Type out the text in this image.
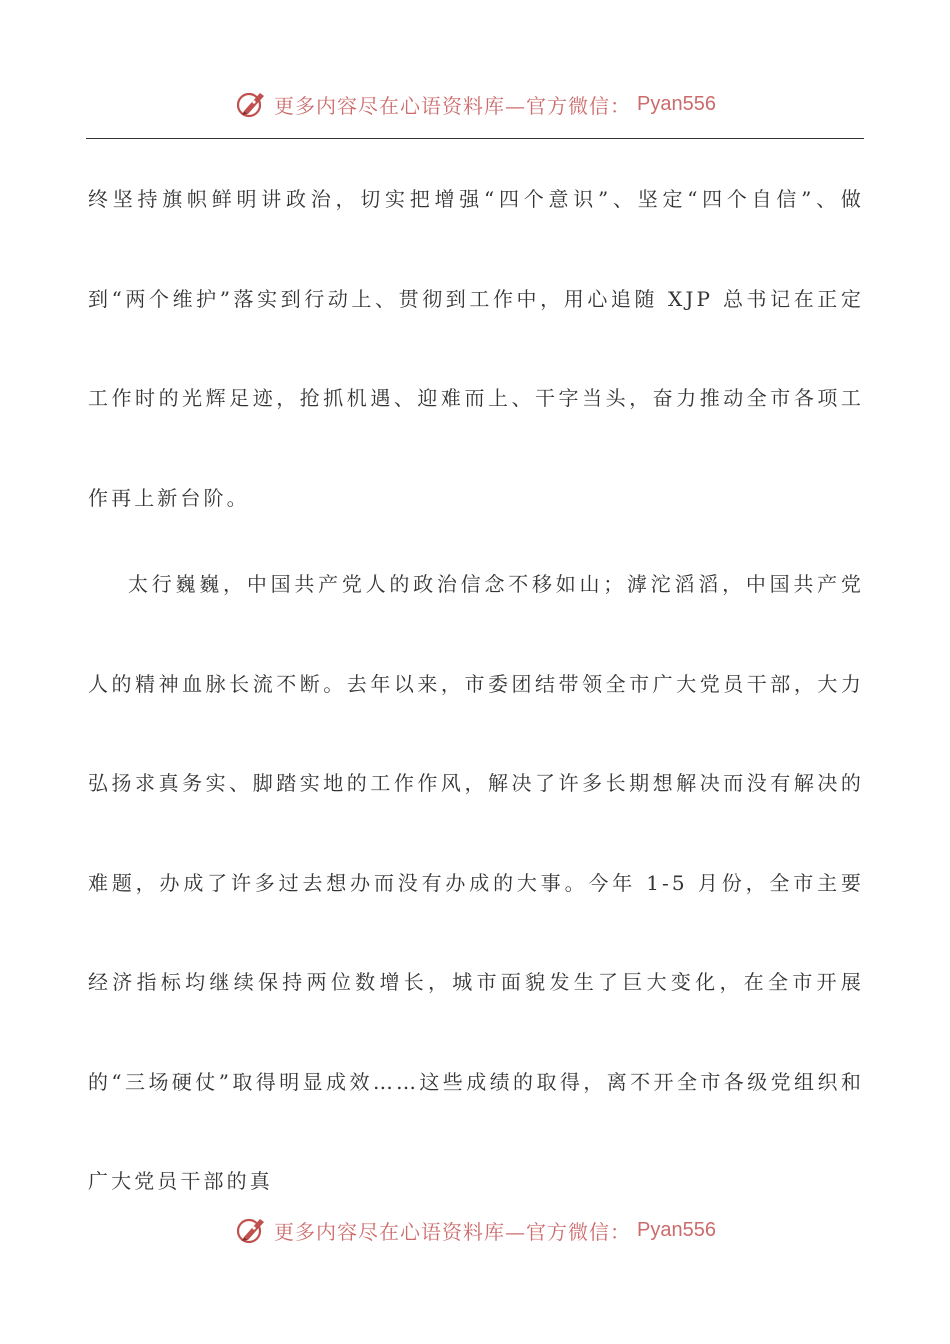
更多内容尽在心语资料库—官方微信： Pyan556

终坚持旗帜鲜明讲政治，切实把增强“四个意识”、坚定“四个自信”、做到“两个维护”落实到行动上、贯彻到工作中，用心追随 XJP 总书记在正定工作时的光辉足迹，抢抓机遇、迎难而上、干字当头，奋力推动全市各项工作再上新台阶。

太行巍巍，中国共产党人的政治信念不移如山；滹沱滔滔，中国共产党人的精神血脉长流不断。去年以来，市委团结带领全市广大党员干部，大力弘扬求真务实、脚踏实地的工作作风，解决了许多长期想解决而没有解决的难题，办成了许多过去想办而没有办成的大事。今年 1-5 月份，全市主要经济指标均继续保持两位数增长，城市面貌发生了巨大变化，在全市开展的“三场硬仗”取得明显成效……这些成绩的取得，离不开全市各级党组织和广大党员干部的真

更多内容尽在心语资料库—官方微信： Pyan556
